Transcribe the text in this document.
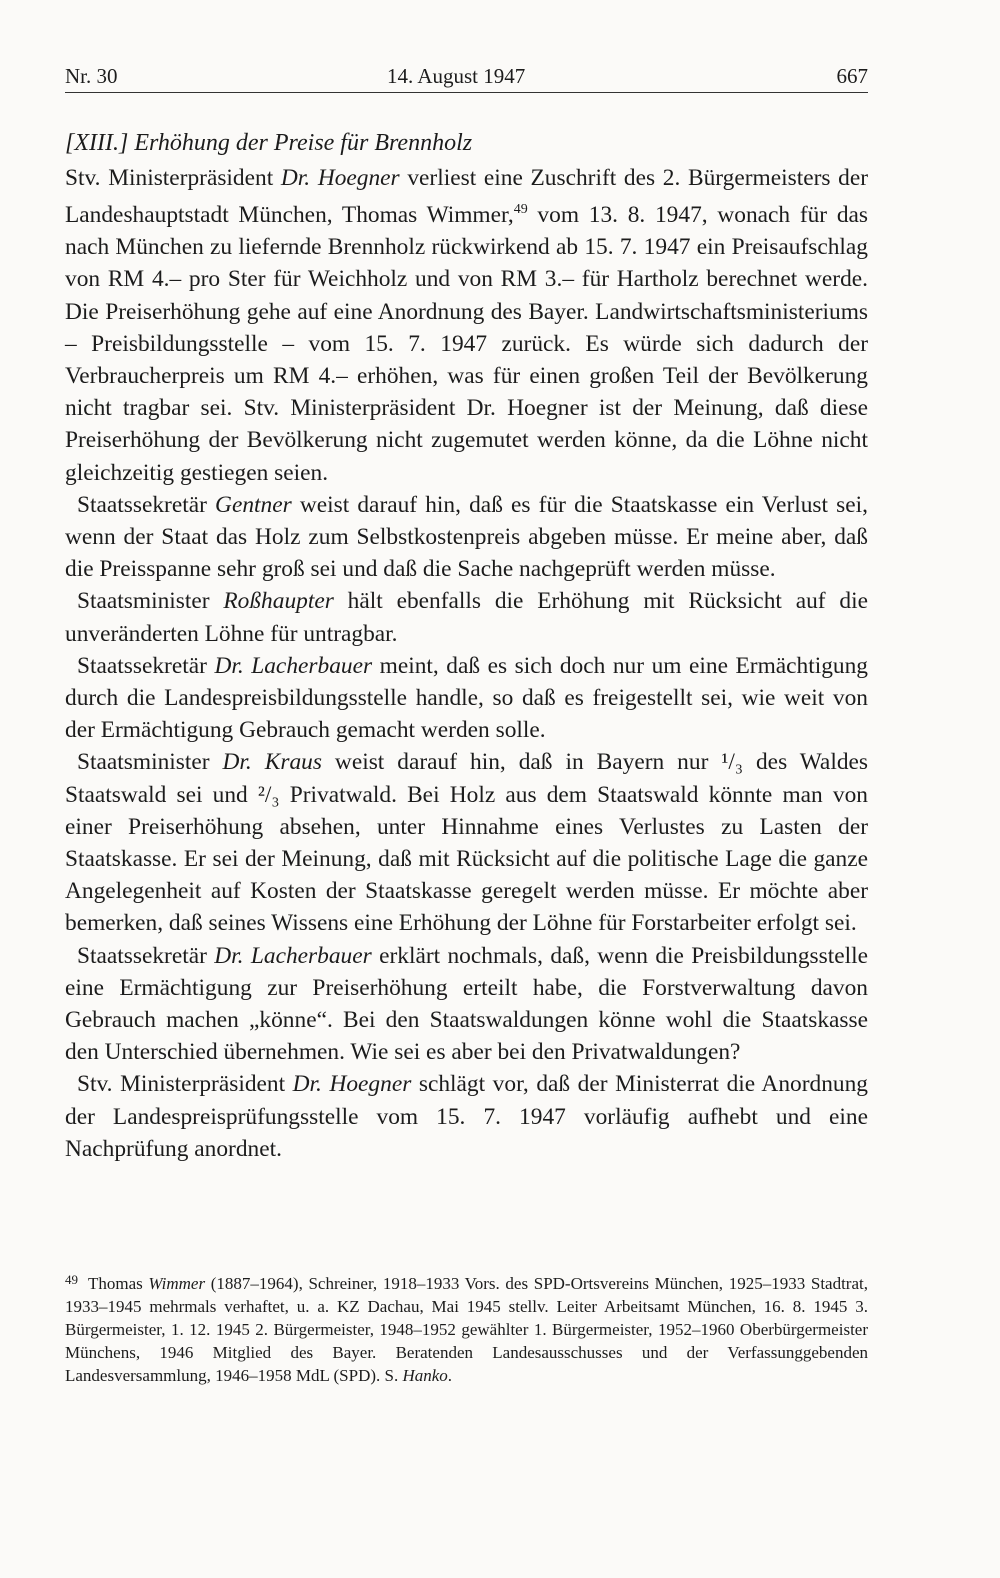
Nr. 30	14. August 1947	667
[XIII.] Erhöhung der Preise für Brennholz

Stv. Ministerpräsident Dr. Hoegner verliest eine Zuschrift des 2. Bürgermeisters der Landeshauptstadt München, Thomas Wimmer,$^{49}$ vom 13. 8. 1947, wonach für das nach München zu liefernde Brennholz rückwirkend ab 15. 7. 1947 ein Preisaufschlag von RM 4.– pro Ster für Weichholz und von RM 3.– für Hartholz berechnet werde. Die Preiserhöhung gehe auf eine Anordnung des Bayer. Landwirtschaftsministeriums – Preisbildungsstelle – vom 15. 7. 1947 zurück. Es würde sich dadurch der Verbraucherpreis um RM 4.– erhöhen, was für einen großen Teil der Bevölkerung nicht tragbar sei. Stv. Ministerpräsident Dr. Hoegner ist der Meinung, daß diese Preiserhöhung der Bevölkerung nicht zugemutet werden könne, da die Löhne nicht gleichzeitig gestiegen seien.

Staatssekretär Gentner weist darauf hin, daß es für die Staatskasse ein Verlust sei, wenn der Staat das Holz zum Selbstkostenpreis abgeben müsse. Er meine aber, daß die Preisspanne sehr groß sei und daß die Sache nachgeprüft werden müsse.

Staatsminister Roßhaupter hält ebenfalls die Erhöhung mit Rücksicht auf die unveränderten Löhne für untragbar.

Staatssekretär Dr. Lacherbauer meint, daß es sich doch nur um eine Ermächtigung durch die Landespreisbildungsstelle handle, so daß es freigestellt sei, wie weit von der Ermächtigung Gebrauch gemacht werden solle.

Staatsminister Dr. Kraus weist darauf hin, daß in Bayern nur ¹/₃ des Waldes Staatswald sei und ²/₃ Privatwald. Bei Holz aus dem Staatswald könnte man von einer Preiserhöhung absehen, unter Hinnahme eines Verlustes zu Lasten der Staatskasse. Er sei der Meinung, daß mit Rücksicht auf die politische Lage die ganze Angelegenheit auf Kosten der Staatskasse geregelt werden müsse. Er möchte aber bemerken, daß seines Wissens eine Erhöhung der Löhne für Forstarbeiter erfolgt sei.

Staatssekretär Dr. Lacherbauer erklärt nochmals, daß, wenn die Preisbildungsstelle eine Ermächtigung zur Preiserhöhung erteilt habe, die Forstverwaltung davon Gebrauch machen „könne“. Bei den Staatswaldungen könne wohl die Staatskasse den Unterschied übernehmen. Wie sei es aber bei den Privatwaldungen?

Stv. Ministerpräsident Dr. Hoegner schlägt vor, daß der Ministerrat die Anordnung der Landespreisprüfungsstelle vom 15. 7. 1947 vorläufig aufhebt und eine Nachprüfung anordnet.

$^{49}$ Thomas Wimmer (1887–1964), Schreiner, 1918–1933 Vors. des SPD-Ortsvereins München, 1925–1933 Stadtrat, 1933–1945 mehrmals verhaftet, u. a. KZ Dachau, Mai 1945 stellv. Leiter Arbeitsamt München, 16. 8. 1945 3. Bürgermeister, 1. 12. 1945 2. Bürgermeister, 1948–1952 gewählter 1. Bürgermeister, 1952–1960 Oberbürgermeister Münchens, 1946 Mitglied des Bayer. Beratenden Landesausschusses und der Verfassunggebenden Landesversammlung, 1946–1958 MdL (SPD). S. Hanko.
